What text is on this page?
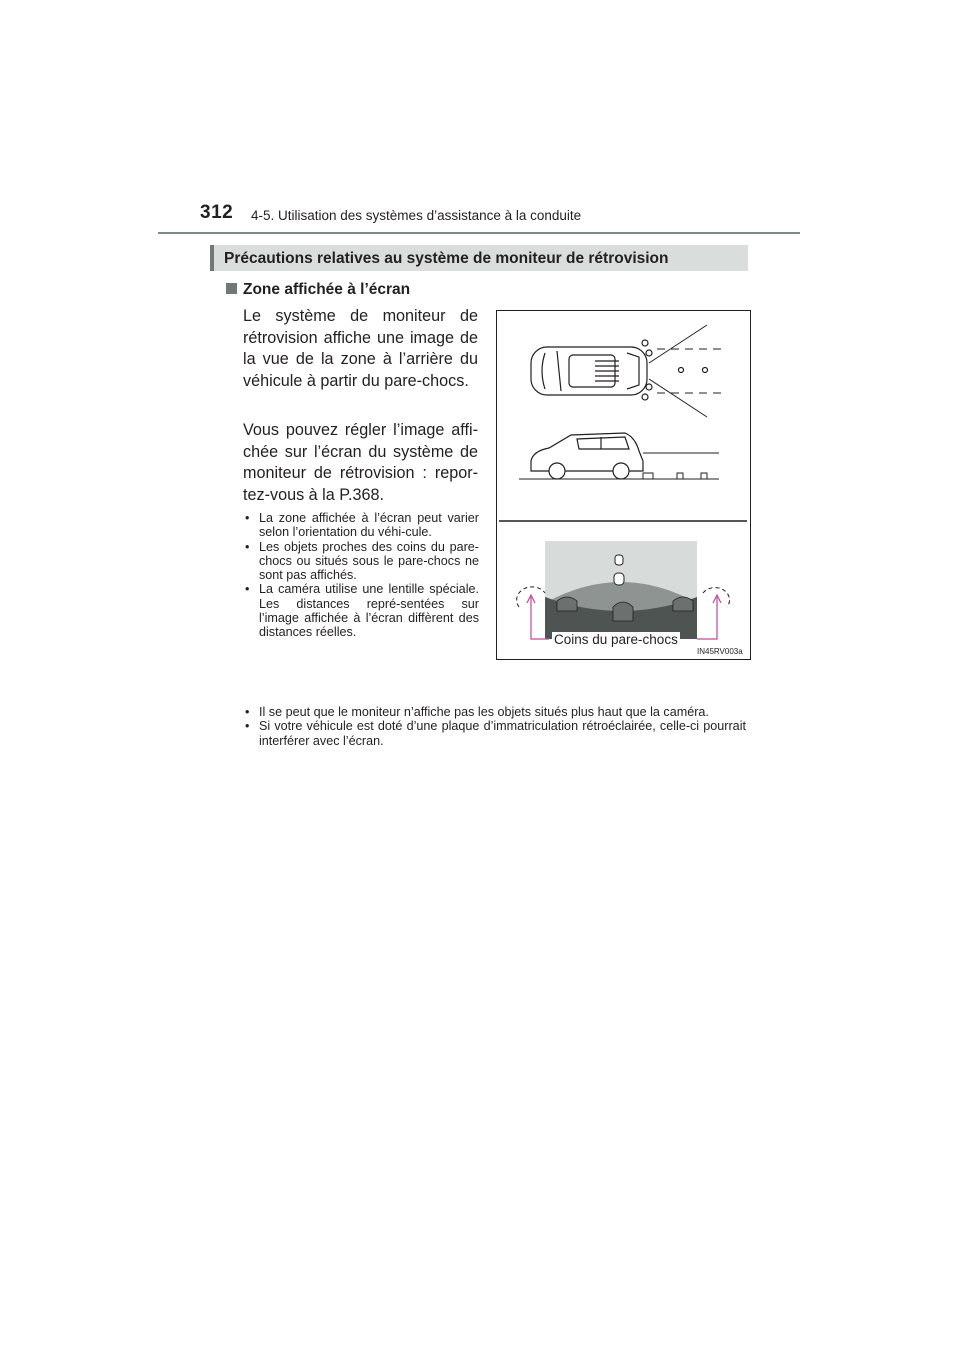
312 4-5. Utilisation des systèmes d’assistance à la conduite
Précautions relatives au système de moniteur de rétrovision
Zone affichée à l’écran

Le système de moniteur de rétrovision affiche une image de la vue de la zone à l’arrière du véhicule à partir du pare-chocs.

Vous pouvez régler l’image affi-chée sur l’écran du système de moniteur de rétrovision : repor-tez-vous à la P.368.

• La zone affichée à l’écran peut varier selon l’orientation du véhi-cule.
• Les objets proches des coins du pare-chocs ou situés sous le pare-chocs ne sont pas affichés.
• La caméra utilise une lentille spéciale. Les distances repré-sentées sur l’image affichée à l’écran diffèrent des distances réelles.
• Il se peut que le moniteur n’affiche pas les objets situés plus haut que la caméra.
• Si votre véhicule est doté d’une plaque d’immatriculation rétroéclairée, celle-ci pourrait interférer avec l’écran.
Coins du pare-chocs
IN45RV003a
